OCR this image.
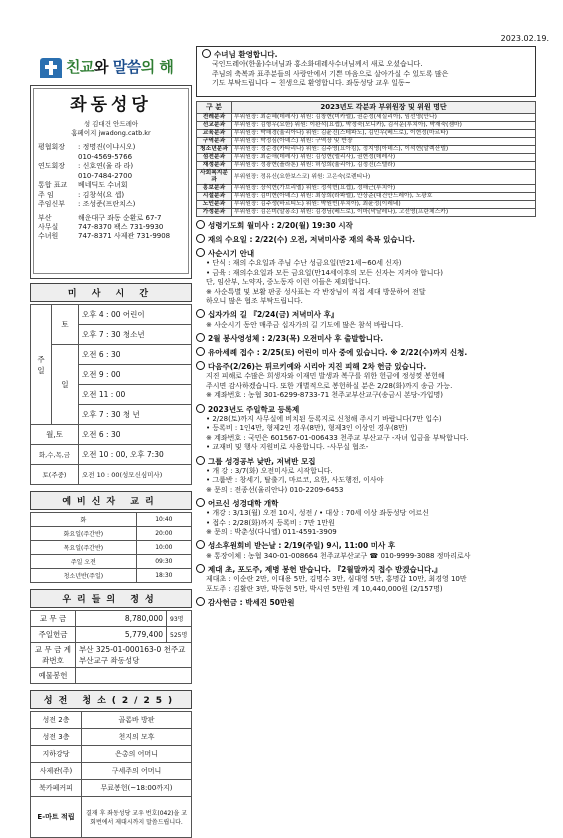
2023.02.19.
친교와 말씀의 해
좌동성당
성 김대건 안드레아
홈페이지 jwadong.catb.kr
평협회장	: 정명진(이냐시오)
010-4569-5766
연도회장	: 신호연(율 라 라)
010-7484-2700
통합 표교	베네딕도 수녀회
주 임	: 김창석(요 셉)
주임신부	: 조성준(프란치스)
부산	해운대구 좌동 순환로 67-7
사무실	747-8370 팩스 731-9930
수녀원	747-8371 사제관 731-9908
미 사 시 간
주일	토	오후 4 : 00 어린이
		오후 7 : 30 청소년
	일	오전 6 : 30
		오전 9 : 00
		오전 11 : 00
		오후 7 : 30 청 년
월,토		오전 6 : 30
화,수,목,금		오전 10 : 00, 오후 7:30
토(주중)		오전 10 : 00(성모신심미사)
예비신자 교리
화	10:40
화요일(주간반)	20:00
목요일(주간반)	10:00
주일 오전	09:30
청소년반(주일)	18:30
우리들의 정성
교 무 금	8,780,000	93명
주일헌금	5,779,400	525명
교 무 금 계좌번호	부산 325-01-000163-0 천주교부산교구 좌동성당	
예물봉헌		
성전 청소(2/25)
성전 2층	골롬바 방판
성전 3층	천지의 모후
지하강당	은총의 어머니
사제관(주)	구세주의 어머니
북카페커피	무료봉헌(~18:00까지)
E-마트 적립	결재 후 좌동성당 교우 번호(042)을 교회번에서 제대시까지 말씀드립니다.
수녀님 환영합니다.
국인드레아(한울)수녀님과 홍소화데레사수녀님께서 새로 오셨습니다.
주님의 축복과 표주분들의 사랑안에서 기쁜 마음으로 살아가실 수 있도록 많은
기도 부탁드립니다 ~ 친생으로 환영합니다. 좌동성당 교우 일동~
구 분	2023년도 각분과 부위원장 및 위원 명단
전례분과	부위원장: 최순혜(데레사) 위원: 김창현(미카엘), 권순정(세실리아), 임선영(안나)
선교분과	부위원장: 김형우(요한) 위원: 이완석(요셉), 박정숙(모니카), 김서운(루치아), 박재숙(젬마)
교육분과	부위원장: 박해경(율리아나) 위원: 김윤진(스테파노), 김민우(베드로), 이현정(마르타)
구역분과	부위원장: 박정심(아녜스) 위원: 구역장 및 반장
청소년분과	부위원장: 정순경(카타리나) 위원: 김주영(요아킴), 정지영(아녜스), 이석현(알렉산델)
섬전분과	부위원장: 최순애(데레사) 위원: 김성현(엘리사), 권현정(데레사)
재정분과	부위원장: 정광현(플라톤) 위원: 허성희(율리아), 김정진(스텔라)
사회복지분과	부위원장: 정유신(요한보스코) 위원: 고은숙(로렌티나)
홍보분과	부위원장: 장석현(가브리엘) 위원: 정석현(요셉), 정해근(루치아)
시설분과	부위원장: 김미현(아녜스) 위원: 최상희(라파엘), 안상준(대건안드레아), 노광호
노인분과	부위원장: 김주생(바르티노) 위원: 박원빈(루치아), 최윤정(이레네)
가정분과	부위원장: 김은미(알퐁소) 위원: 김경님(베드로), 이마(막달레나), 고선영(프란체스카)
성령기도회 월미사 : 2/20(월) 19:30 시작
재의 수요일 : 2/22(수) 오전, 저녁미사중 재의 축복 있습니다.
사순시기 안내
• 단식 : 재의 수요일과 주님 수난 성금요일(만21세~60세 신자)
• 금육 : 재의수요일과 모든 금요일(만14세이후의 모든 신자는 지켜야 합니다)
단, 임산부, 노약자, 중노동자 이런 이들은 제외합니다.
※ 사순특별 및 보활 판공 성사표는 각 반장님이 직접 세대 방문하여 전달
하오니 많은 협조 부탁드립니다.
십자가의 길 『2/24(금) 저녁미사 후』
※ 사순시기 동안 매주금 십자가의 길 기도에 많은 참석 바랍니다.
2월 봉사영성체 : 2/23(목) 오전미사 후 출발합니다.
유아세례 접수 : 2/25(토) 어린이 미사 중에 있습니다. ※ 2/22(수)까지 신청.
다음주(2/26)는 튀르키예와 시리아 지진 피해 2차 헌금 있습니다.
지진 피해로 수많은 희생자와 이재민 발생과 복구를 위한 헌금에 정성껏 봉헌해
주시면 감사하겠습니다. 또한 개별적으로 봉헌하실 분은 2/28(화)까지 송금 가능.
※ 계좌번호 : 농협 301-6299-8733-71 천주교부산교구(송금시 본당-가입명)
2023년도 주일학교 등록제
• 2/28(토)까지 사무실에 비치된 등록지로 신청해 주시기 바랍니다(7만 입수)
• 등록비 : 1인4만, 형제2인 경우(8만), 형제3인 이상인 경우(8만)
※ 계좌번호 : 국민은 601567-01-006433 천주교 부산교구 -자녀 입금을 부탁합니다.
• 교재비 및 행사 지원비로 사용합니다. -사무실 협조-
그룹 성경공부 낮반, 저녁반 모집
• 개 강 : 3/7(화) 오전미사로 시작합니다.
• 그룹반 : 창세기, 탈출기, 마르코, 요한, 사도행전, 이사야
※ 문의 : 전종선(율리안나) 010-2209-6453
어르신 성경대학 개학
• 개강 : 3/13(월) 오전 10시, 성전 / • 대상 : 70세 이상 좌동성당 어르신
• 접수 : 2/28(화)까지 등록비 : 7만 1만원
※ 문의 : 박춘성(다니엘) 011-4591-3909
성소후원회비 받는날 : 2/19(주일) 9시, 11:00 미사 후
※ 통장이체 : 농협 340-01-008664 천주교부산교구 ☎ 010-9999-3088 정마리로사
제대 초, 포도주, 제병 봉헌 받습니다. 『2월말까지 접수 받겠습니다.』
제대초 : 이순란 2만, 이대용 5만, 김명수 3만, 심대영 5만, 홍명갑 10만, 최경영 10만
포도주 : 김활란 3만, 박동현 5만, 박시연 5만원 계 10,440,000원 (2/157명)
감사헌금 : 박세진 50만원
